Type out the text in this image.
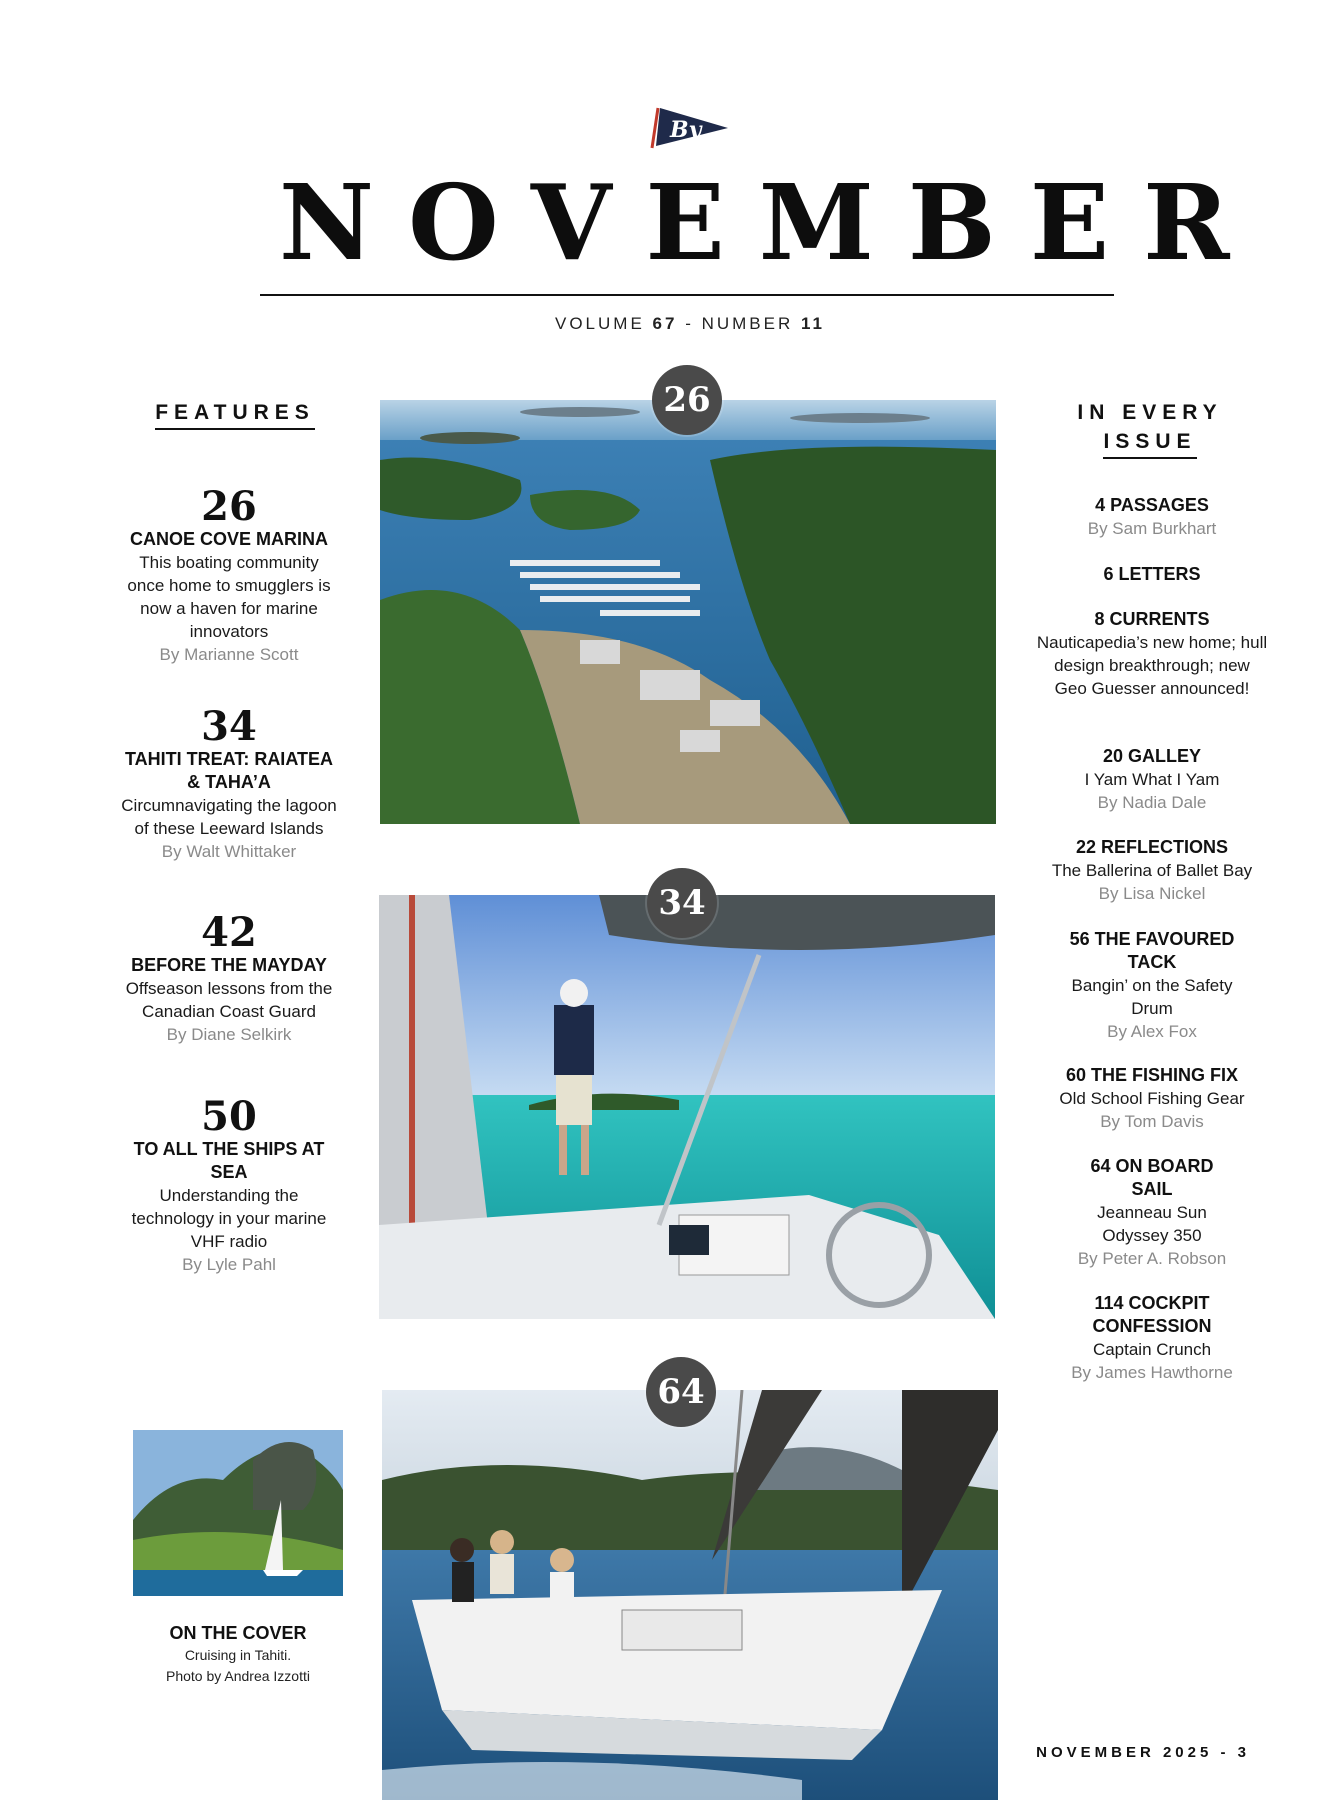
By
NOVEMBER
VOLUME 67 - NUMBER 11
FEATURES
26
CANOE COVE MARINA
This boating community once home to smugglers is now a haven for marine innovators
By Marianne Scott
34
TAHITI TREAT: RAIATEA & TAHA’A
Circumnavigating the lagoon of these Leeward Islands
By Walt Whittaker
42
BEFORE THE MAYDAY
Offseason lessons from the Canadian Coast Guard
By Diane Selkirk
50
TO ALL THE SHIPS AT SEA
Understanding the technology in your marine VHF radio
By Lyle Pahl
26
34
64
ON THE COVER
Cruising in Tahiti.
Photo by Andrea Izzotti
IN EVERY
ISSUE
4 PASSAGES
By Sam Burkhart
6 LETTERS
8 CURRENTS
Nauticapedia’s new home; hull design breakthrough; new Geo Guesser announced!
20 GALLEY
I Yam What I Yam
By Nadia Dale
22 REFLECTIONS
The Ballerina of Ballet Bay
By Lisa Nickel
56 THE FAVOURED TACK
Bangin’ on the Safety Drum
By Alex Fox
60 THE FISHING FIX
Old School Fishing Gear
By Tom Davis
64 ON BOARD SAIL
Jeanneau Sun Odyssey 350
By Peter A. Robson
114 COCKPIT CONFESSION
Captain Crunch
By James Hawthorne
NOVEMBER 2025 - 3
